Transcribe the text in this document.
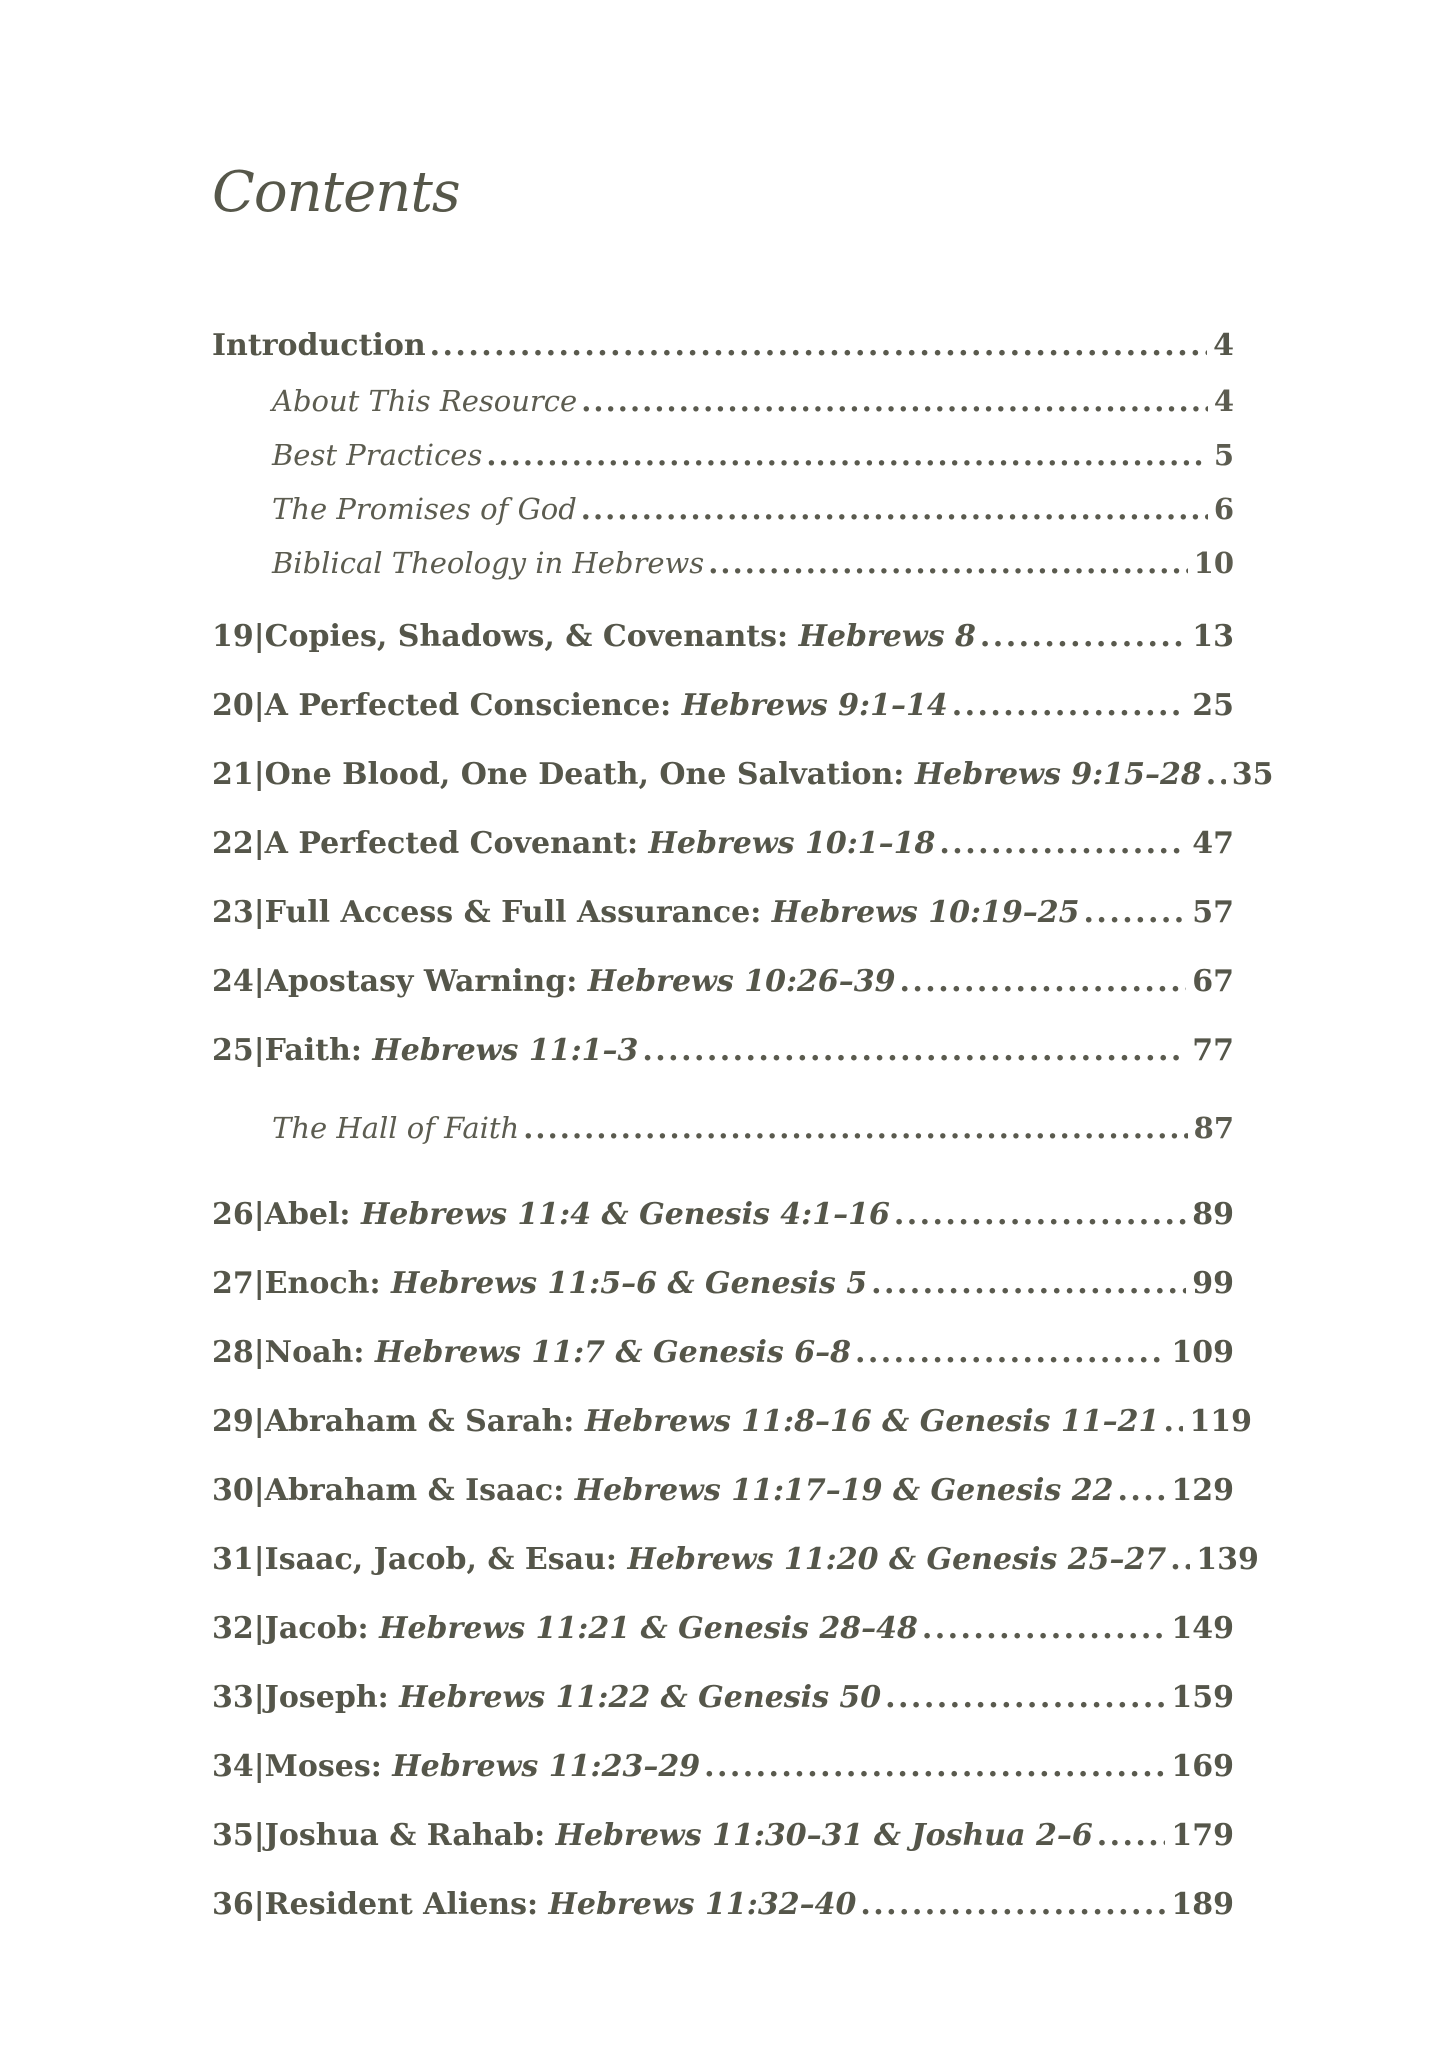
Contents
Introduction . . .	4
About This Resource . . .	4
Best Practices . . .	5
The Promises of God . . .	6
Biblical Theology in Hebrews . . .	10
19 | Copies, Shadows, & Covenants:
Hebrews 8 . . .	13
20 | A Perfected Conscience:
Hebrews 9:1–14 . . .	25
21 | One Blood, One Death, One Salvation:
Hebrews 9:15–28 . . . 35
22 | A Perfected Covenant:
Hebrews 10:1–18 . . .	47
23 | Full Access & Full Assurance:
Hebrews 10:19–25 . . .	57
24 | Apostasy Warning:
Hebrews 10:26–39 . . .	67
25 | Faith:
Hebrews 11:1–3 . . .	77
The Hall of Faith . . .	87
26 | Abel:
Hebrews 11:4 & Genesis 4:1–16 . . .	89
27 | Enoch:
Hebrews 11:5–6 & Genesis 5 . . .	99
28 | Noah:
Hebrews 11:7 & Genesis 6–8 . . .	109
29 | Abraham & Sarah:
Hebrews 11:8–16 & Genesis 11–21 . . . 119
30 | Abraham & Isaac:
Hebrews 11:17–19 & Genesis 22 . . . 129
31 | Isaac, Jacob, & Esau:
Hebrews 11:20 & Genesis 25–27 . . . 139
32 | Jacob:
Hebrews 11:21 & Genesis 28–48 . . .	149
33 | Joseph:
Hebrews 11:22 & Genesis 50 . . .	159
34 | Moses:
Hebrews 11:23–29 . . .	169
35 | Joshua & Rahab:
Hebrews 11:30–31 & Joshua 2–6 . . .	179
36 | Resident Aliens:
Hebrews 11:32–40 . . .	189
